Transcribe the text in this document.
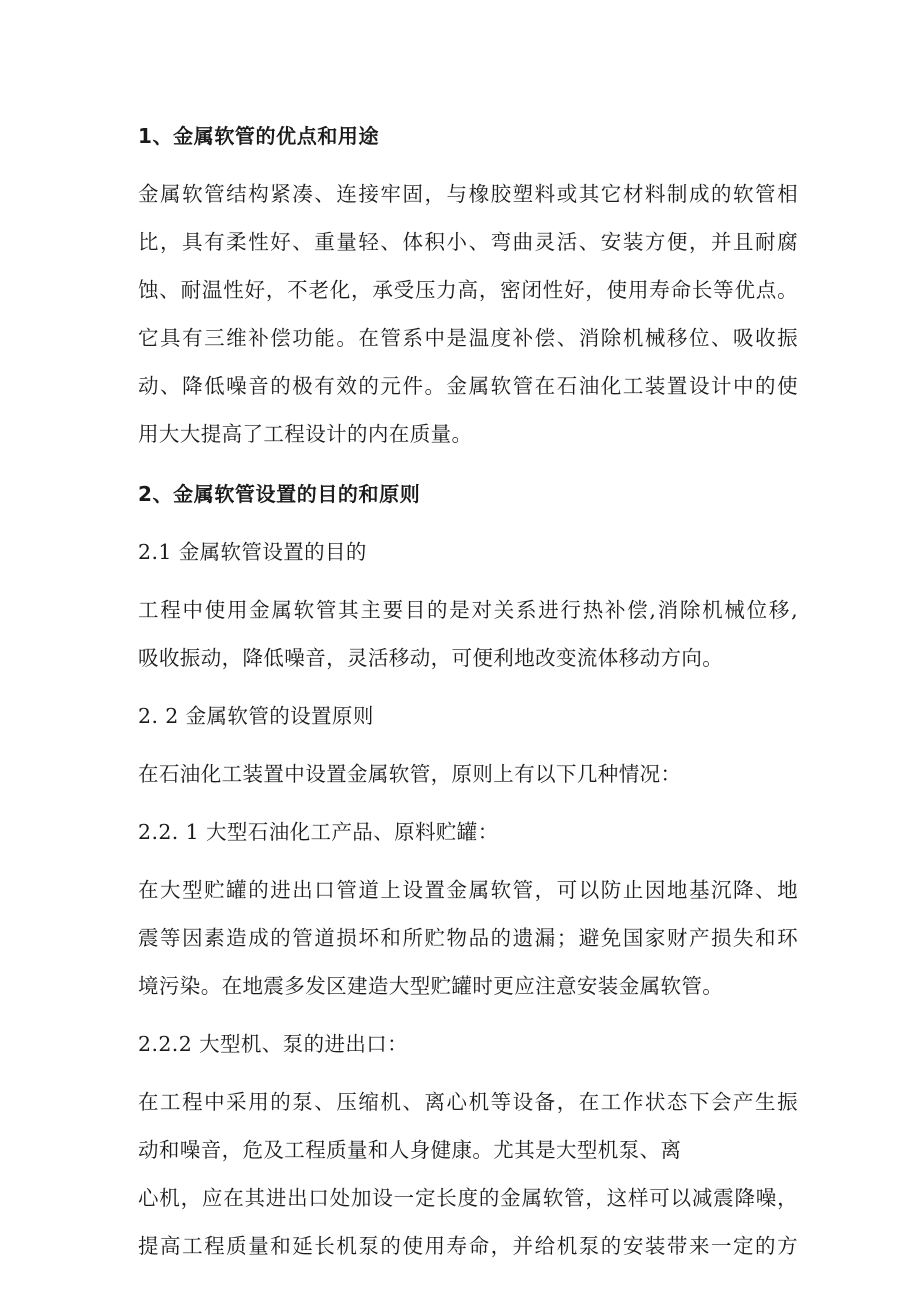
1、金属软管的优点和用途
金属软管结构紧凑、连接牢固，与橡胶塑料或其它材料制成的软管相
比，具有柔性好、重量轻、体积小、弯曲灵活、安装方便，并且耐腐
蚀、耐温性好，不老化，承受压力高，密闭性好，使用寿命长等优点。
它具有三维补偿功能。在管系中是温度补偿、消除机械移位、吸收振
动、降低噪音的极有效的元件。金属软管在石油化工装置设计中的使
用大大提高了工程设计的内在质量。
2、金属软管设置的目的和原则
2.1 金属软管设置的目的
工程中使用金属软管其主要目的是对关系进行热补偿,消除机械位移,
吸收振动，降低噪音，灵活移动，可便利地改变流体移动方向。
2. 2 金属软管的设置原则
在石油化工装置中设置金属软管，原则上有以下几种情况：
2.2. 1 大型石油化工产品、原料贮罐：
在大型贮罐的进出口管道上设置金属软管，可以防止因地基沉降、地
震等因素造成的管道损坏和所贮物品的遗漏；避免国家财产损失和环
境污染。在地震多发区建造大型贮罐时更应注意安装金属软管。
2.2.2 大型机、泵的进出口：
在工程中采用的泵、压缩机、离心机等设备，在工作状态下会产生振
动和噪音，危及工程质量和人身健康。尤其是大型机泵、离
心机，应在其进出口处加设一定长度的金属软管，这样可以减震降噪，
提高工程质量和延长机泵的使用寿命，并给机泵的安装带来一定的方
